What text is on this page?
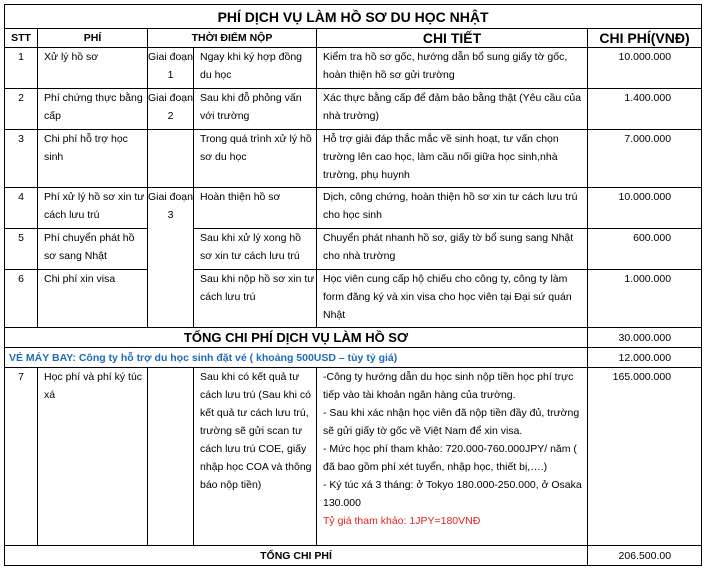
PHÍ DỊCH VỤ LÀM HỒ SƠ DU HỌC NHẬT					
STT	PHÍ	THỜI ĐIỂM NỘP		CHI TIẾT	CHI PHÍ(VNĐ)
1	Xử lý hồ sơ	Giai đoạn 1	Ngay khi ký hợp đồng du học	Kiểm tra hồ sơ gốc, hướng dẫn bổ sung giấy tờ gốc, hoàn thiện hồ sơ gửi trường	10.000.000
2	Phí chứng thực bằng cấp	Giai đoạn 2	Sau khi đỗ phỏng vấn với trường	Xác thực bằng cấp để đảm bảo bằng thật (Yêu cầu của nhà trường)	1.400.000
3	Chi phí hỗ trợ học sinh		Trong quá trình xử lý hồ sơ du học	Hỗ trợ giải đáp thắc mắc về sinh hoạt, tư vấn chọn trường lên cao học, làm cầu nối giữa học sinh,nhà trường, phụ huynh	7.000.000
4	Phí xử lý hồ sơ xin tư cách lưu trú	Giai đoạn 3	Hoàn thiện hồ sơ	Dịch, công chứng, hoàn thiện hồ sơ xin tư cách lưu trú cho học sinh	10.000.000
5	Phí chuyển phát hồ sơ sang Nhật		Sau khi xử lý xong hồ sơ xin tư cách lưu trú	Chuyển phát nhanh hồ sơ, giấy tờ bổ sung sang Nhật cho nhà trường	600.000
6	Chi phí xin visa		Sau khi nộp hồ sơ xin tư cách lưu trú	Học viên cung cấp hộ chiếu cho công ty, công ty làm form đăng ký và xin visa cho học viên tại Đại sứ quán Nhật	1.000.000
TỔNG CHI PHÍ DỊCH VỤ LÀM HỒ SƠ					30.000.000
VÉ MÁY BAY: Công ty hỗ trợ du học sinh đặt vé ( khoảng 500USD – tùy tỷ giá)					12.000.000
7	Học phí và phí ký túc xá		Sau khi có kết quả tư cách lưu trú (Sau khi có kết quả tư cách lưu trú, trường sẽ gửi scan tư cách lưu trú COE, giấy nhập học COA và thông báo nộp tiền)	-Công ty hướng dẫn du học sinh nộp tiền học phí trực tiếp vào tài khoản ngân hàng của trường.
- Sau khi xác nhận học viên đã nộp tiền đầy đủ, trường sẽ gửi giấy tờ gốc về Việt Nam để xin visa.
- Mức học phí tham khảo: 720.000-760.000JPY/ năm ( đã bao gồm phí xét tuyển, nhập học, thiết bị,….)
- Ký túc xá 3 tháng: ở Tokyo 180.000-250.000, ở Osaka 130.000
Tỷ giá tham khảo: 1JPY=180VNĐ	165.000.000
TỔNG CHI PHÍ					206.500.00
